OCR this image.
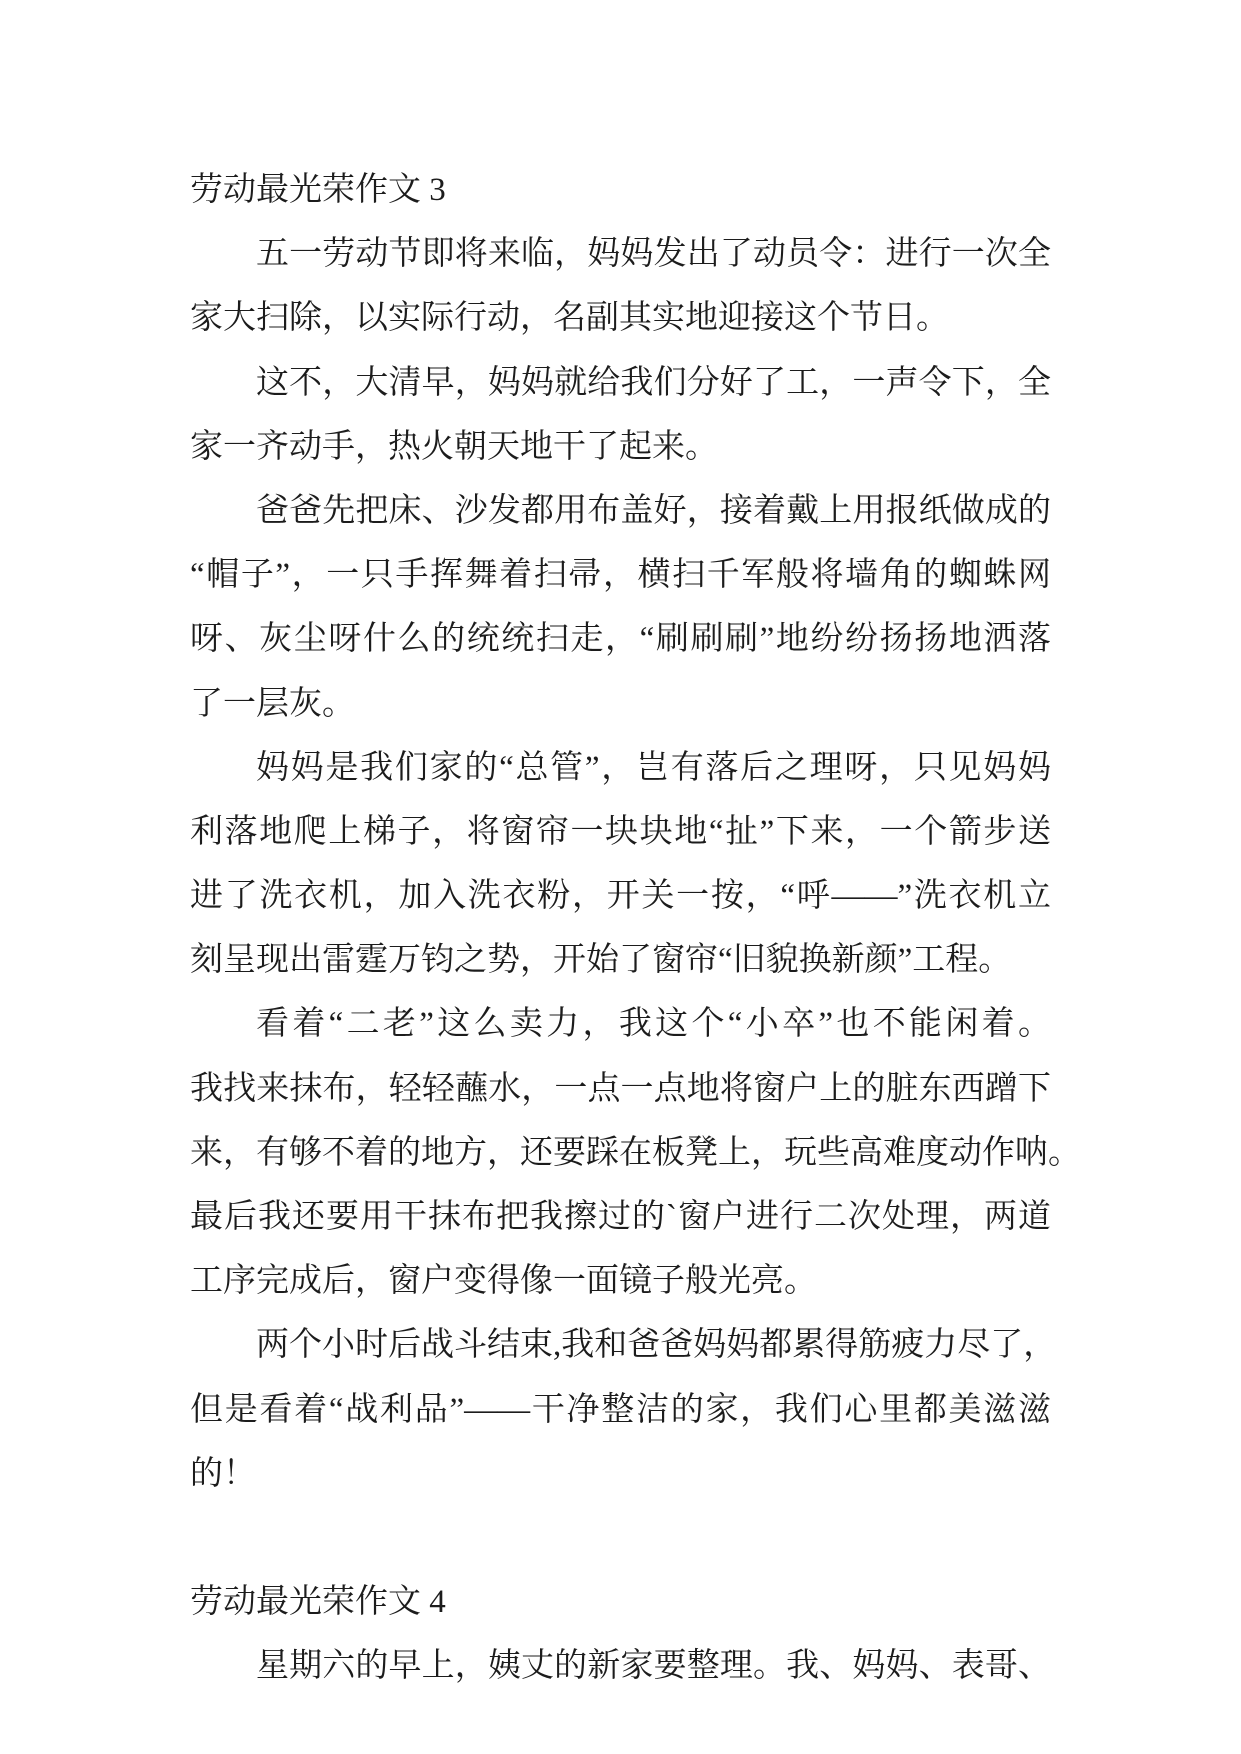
劳动最光荣作文 3
五一劳动节即将来临，妈妈发出了动员令：进行一次全
家大扫除，以实际行动，名副其实地迎接这个节日。
这不，大清早，妈妈就给我们分好了工，一声令下，全
家一齐动手，热火朝天地干了起来。
爸爸先把床、沙发都用布盖好，接着戴上用报纸做成的
“帽子”，一只手挥舞着扫帚，横扫千军般将墙角的蜘蛛网
呀、灰尘呀什么的统统扫走，“刷刷刷”地纷纷扬扬地洒落
了一层灰。
妈妈是我们家的“总管”，岂有落后之理呀，只见妈妈
利落地爬上梯子，将窗帘一块块地“扯”下来，一个箭步送
进了洗衣机，加入洗衣粉，开关一按，“呼——”洗衣机立
刻呈现出雷霆万钧之势，开始了窗帘“旧貌换新颜”工程。
看着“二老”这么卖力，我这个“小卒”也不能闲着。
我找来抹布，轻轻蘸水，一点一点地将窗户上的脏东西蹭下
来，有够不着的地方，还要踩在板凳上，玩些高难度动作呐。
最后我还要用干抹布把我擦过的`窗户进行二次处理，两道
工序完成后，窗户变得像一面镜子般光亮。
两个小时后战斗结束,我和爸爸妈妈都累得筋疲力尽了，
但是看着“战利品”——干净整洁的家，我们心里都美滋滋
的！
劳动最光荣作文 4
星期六的早上，姨丈的新家要整理。我、妈妈、表哥、
